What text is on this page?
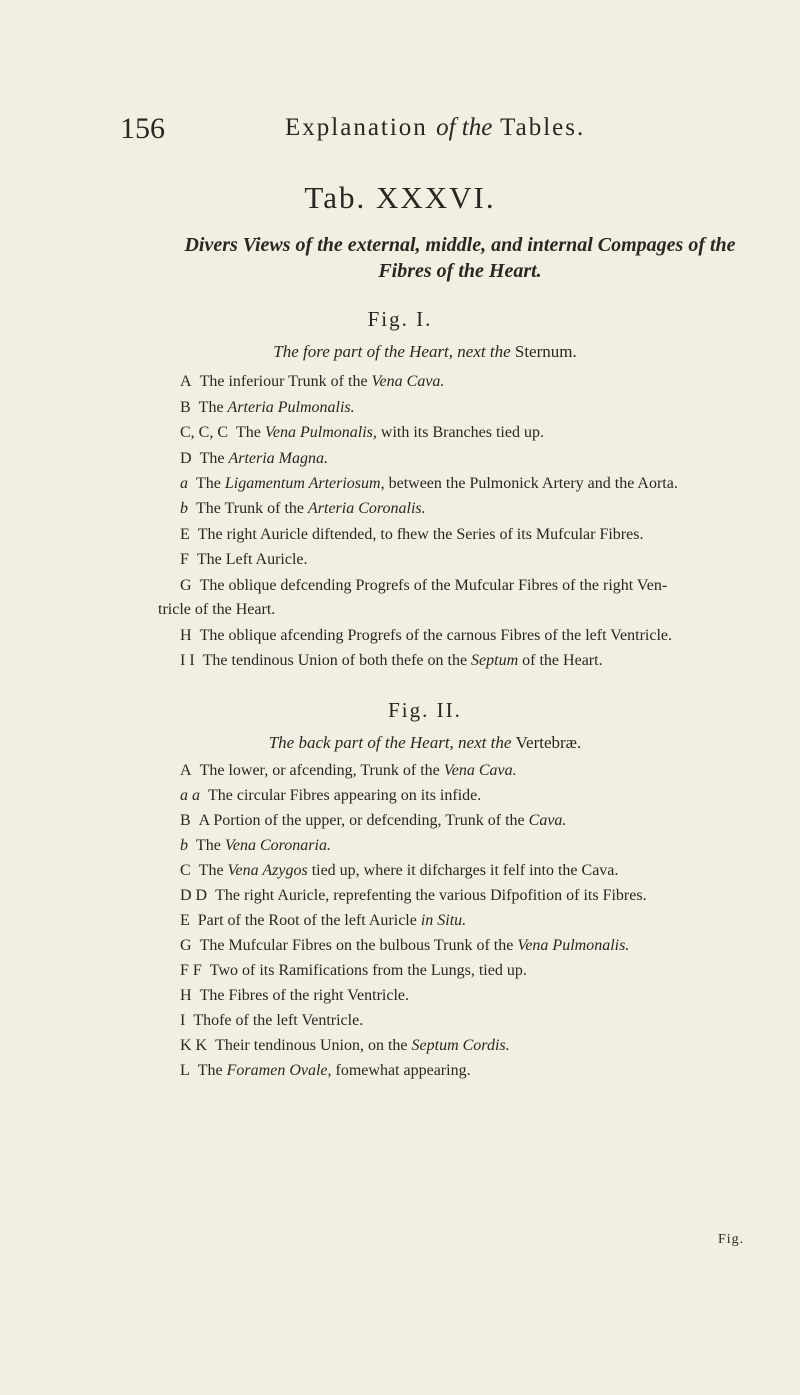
156	Explanation of the Tables.
Tab. XXXVI.
Divers Views of the external, middle, and internal Compages of the
Fibres of the Heart.
Fig. I.
The fore part of the Heart, next the Sternum.
A The inferiour Trunk of the Vena Cava.
B The Arteria Pulmonalis.
C, C, C The Vena Pulmonalis, with its Branches tied up.
D The Arteria Magna.
a The Ligamentum Arteriosum, between the Pulmonick Artery and the Aorta.
b The Trunk of the Arteria Coronalis.
E The right Auricle diftended, to fhew the Series of its Mufcular Fibres.
F The Left Auricle.
G The oblique defcending Progrefs of the Mufcular Fibres of the right Ven-
tricle of the Heart.
H The oblique afcending Progrefs of the carnous Fibres of the left Ventricle.
I I The tendinous Union of both thefe on the Septum of the Heart.
Fig. II.
The back part of the Heart, next the Vertebræ.
A The lower, or afcending, Trunk of the Vena Cava.
a a The circular Fibres appearing on its infide.
B A Portion of the upper, or defcending, Trunk of the Cava.
b The Vena Coronaria.
C The Vena Azygos tied up, where it difcharges it felf into the Cava.
D D The right Auricle, reprefenting the various Difpofition of its Fibres.
E Part of the Root of the left Auricle in Situ.
G The Mufcular Fibres on the bulbous Trunk of the Vena Pulmonalis.
F F Two of its Ramifications from the Lungs, tied up.
H The Fibres of the right Ventricle.
I Thofe of the left Ventricle.
K K Their tendinous Union, on the Septum Cordis.
L The Foramen Ovale, fomewhat appearing.
Fig.
